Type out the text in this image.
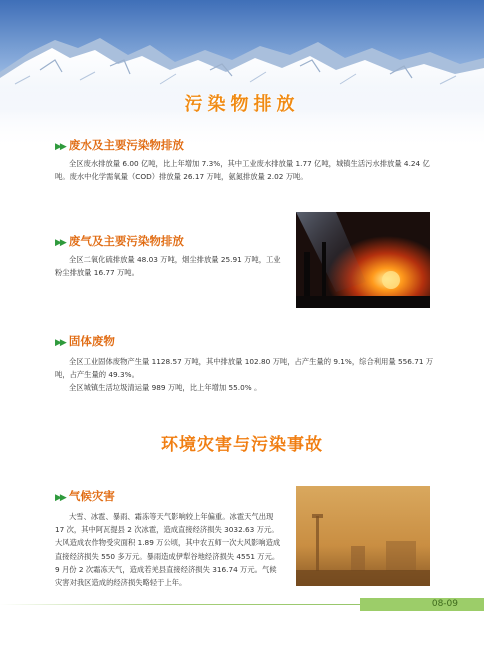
污染物排放
▶▶ 废水及主要污染物排放

全区废水排放量 6.00 亿吨，比上年增加 7.3%，其中工业废水排放量 1.77 亿吨，城镇生活污水排放量 4.24 亿吨。废水中化学需氧量（COD）排放量 26.17 万吨，氨氮排放量 2.02 万吨。

▶▶ 废气及主要污染物排放

全区二氧化硫排放量 48.03 万吨，烟尘排放量 25.91 万吨，工业粉尘排放量 16.77 万吨。

▶▶ 固体废物

全区工业固体废物产生量 1128.57 万吨，其中排放量 102.80 万吨，占产生量的 9.1%，综合利用量 556.71 万吨，占产生量的 49.3%。

全区城镇生活垃圾清运量 989 万吨，比上年增加 55.0% 。

环境灾害与污染事故
▶▶ 气候灾害

大雪、冰雹、暴雨、霜冻等天气影响较上年偏重。冰雹天气出现 17 次，其中阿瓦提县 2 次冰雹，造成直接经济损失 3032.63 万元。大风造成农作物受灾面积 1.89 万公顷，其中农五师一次大风影响造成直接经济损失 550 多万元。暴雨造成伊犁谷地经济损失 4551 万元。9 月份 2 次霜冻天气，造成若羌县直接经济损失 316.74 万元。气候灾害对我区造成的经济损失略轻于上年。

08-09
